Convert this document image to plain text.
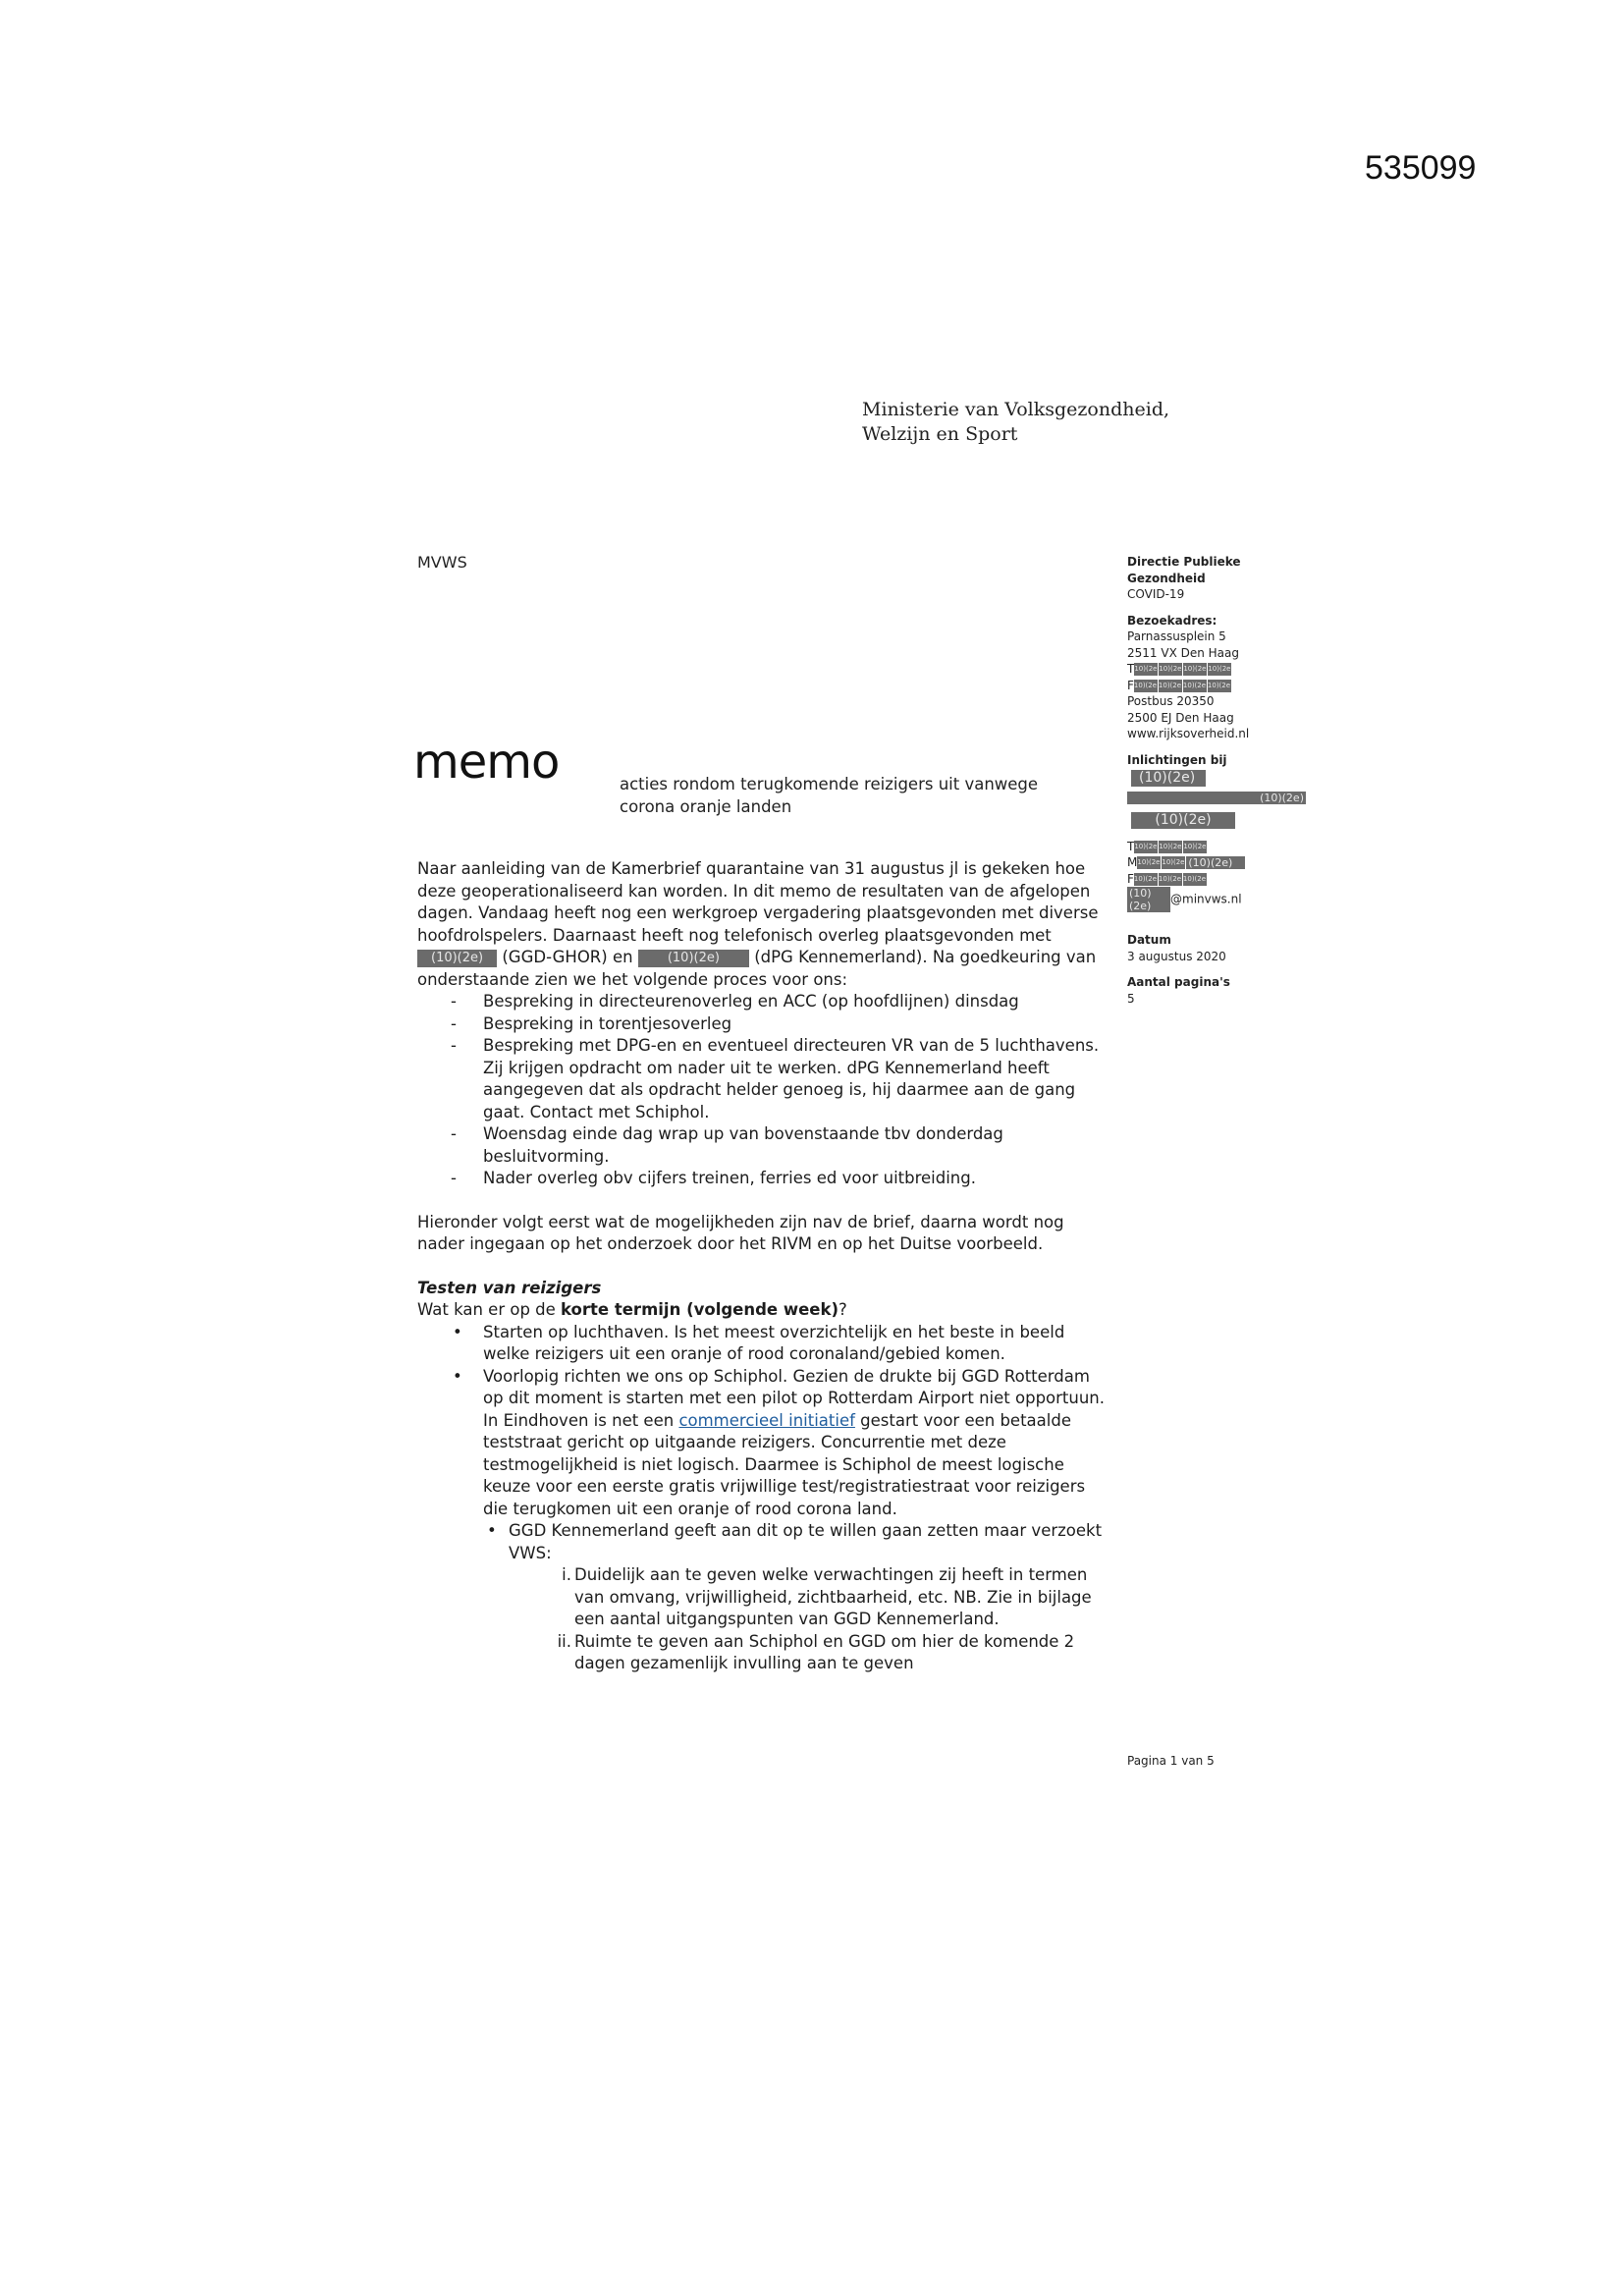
535099
Ministerie van Volksgezondheid,
Welzijn en Sport
MVWS
memo	acties rondom terugkomende reizigers uit vanwege corona oranje landen
Directie Publieke
Gezondheid
COVID-19
Bezoekadres:
Parnassusplein 5
2511 VX Den Haag
T10)(2e 10)(2e 10)(2e 10)(2e
F10)(2e 10)(2e 10)(2e 10)(2e
Postbus 20350
2500 EJ Den Haag
www.rijksoverheid.nl
Inlichtingen bij
(10)(2e)
(10)(2e)
(10)(2e)
T10)(2e 10)(2e 10)(2e
M10)(2e 10)(2e (10)(2e)
F10)(2e 10)(2e 10)(2e
(10)(2e) @minvws.nl
Datum
3 augustus 2020
Aantal pagina's
5

Naar aanleiding van de Kamerbrief quarantaine van 31 augustus jl is gekeken hoe deze geoperationaliseerd kan worden. In dit memo de resultaten van de afgelopen dagen. Vandaag heeft nog een werkgroep vergadering plaatsgevonden met diverse hoofdrolspelers. Daarnaast heeft nog telefonisch overleg plaatsgevonden met (10)(2e) (GGD-GHOR) en	(10)(2e) (dPG Kennemerland). Na goedkeuring van onderstaande zien we het volgende proces voor ons:

- Bespreking in directeurenoverleg en ACC (op hoofdlijnen) dinsdag
- Bespreking in torentjesoverleg
- Bespreking met DPG-en en eventueel directeuren VR van de 5 luchthavens. Zij krijgen opdracht om nader uit te werken. dPG Kennemerland heeft aangegeven dat als opdracht helder genoeg is, hij daarmee aan de gang gaat. Contact met Schiphol.
- Woensdag einde dag wrap up van bovenstaande tbv donderdag besluitvorming.
- Nader overleg obv cijfers treinen, ferries ed voor uitbreiding.

Hieronder volgt eerst wat de mogelijkheden zijn nav de brief, daarna wordt nog nader ingegaan op het onderzoek door het RIVM en op het Duitse voorbeeld.

Testen van reizigers

Wat kan er op de korte termijn (volgende week)?

• Starten op luchthaven. Is het meest overzichtelijk en het beste in beeld welke reizigers uit een oranje of rood coronaland/gebied komen.
• Voorlopig richten we ons op Schiphol. Gezien de drukte bij GGD Rotterdam op dit moment is starten met een pilot op Rotterdam Airport niet opportuun. In Eindhoven is net een commercieel initiatief gestart voor een betaalde teststraat gericht op uitgaande reizigers. Concurrentie met deze testmogelijkheid is niet logisch. Daarmee is Schiphol de meest logische keuze voor een eerste gratis vrijwillige test/registratiestraat voor reizigers die terugkomen uit een oranje of rood corona land.
• GGD Kennemerland geeft aan dit op te willen gaan zetten maar verzoekt VWS:
i. Duidelijk aan te geven welke verwachtingen zij heeft in termen van omvang, vrijwilligheid, zichtbaarheid, etc. NB. Zie in bijlage een aantal uitgangspunten van GGD Kennemerland.
ii. Ruimte te geven aan Schiphol en GGD om hier de komende 2 dagen gezamenlijk invulling aan te geven
Pagina 1 van 5
